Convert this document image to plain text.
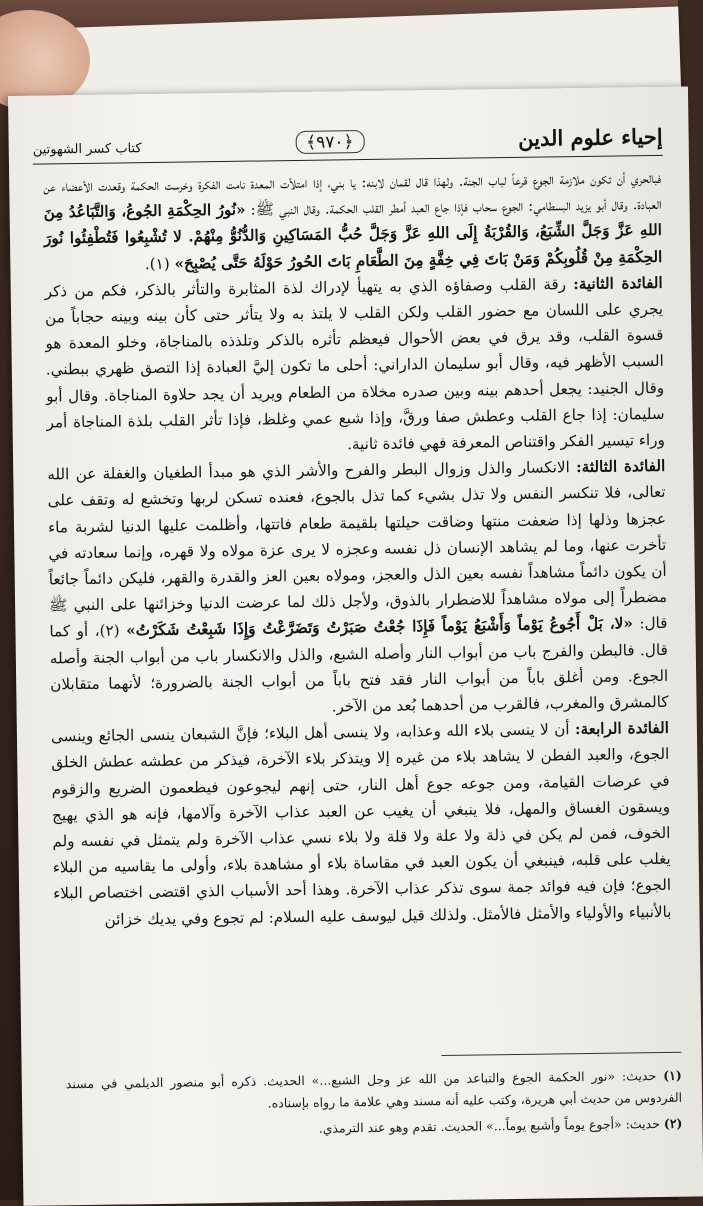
إحياء علوم الدين
﴿٩٧٠﴾
كتاب كسر الشهوتين

فبالحري أن تكون ملازمة الجوع قرعاً لباب الجنة. ولهذا قال لقمان لابنه: يا بني، إذا امتلأت المعدة نامت الفكرة وخرست الحكمة وقعدت الأعضاء عن العبادة. وقال أبو يزيد البسطامي: الجوع سحاب فإذا جاع العبد أمطر القلب الحكمة. وقال النبي ﷺ: «نُورُ الحِكْمَةِ الجُوعُ، وَالتَّبَاعُدُ مِنَ اللهِ عَزَّ وَجَلَّ الشِّبَعُ، وَالقُرْبَةُ إِلَى اللهِ عَزَّ وَجَلَّ حُبُّ المَسَاكِينِ وَالدُّنُوُّ مِنْهُمْ. لا تُشْبِعُوا فَتُطْفِئُوا نُورَ الحِكْمَةِ مِنْ قُلُوبِكُمْ وَمَنْ بَاتَ فِي خِفَّةٍ مِنَ الطَّعَامِ بَاتَ الحُورُ حَوْلَهُ حَتَّى يُصْبِحَ» (١).

الفائدة الثانية: رقة القلب وصفاؤه الذي به يتهيأ لإدراك لذة المثابرة والتأثر بالذكر، فكم من ذكر يجري على اللسان مع حضور القلب ولكن القلب لا يلتذ به ولا يتأثر حتى كأن بينه وبينه حجاباً من قسوة القلب، وقد يرق في بعض الأحوال فيعظم تأثره بالذكر وتلذذه بالمناجاة، وخلو المعدة هو السبب الأظهر فيه، وقال أبو سليمان الداراني: أحلى ما تكون إليَّ العبادة إذا التصق ظهري ببطني. وقال الجنيد: يجعل أحدهم بينه وبين صدره مخلاة من الطعام ويريد أن يجد حلاوة المناجاة. وقال أبو سليمان: إذا جاع القلب وعطش صفا ورقَّ، وإذا شبع عمي وغلظ، فإذا تأثر القلب بلذة المناجاة أمر وراء تيسير الفكر واقتناص المعرفة فهي فائدة ثانية.

الفائدة الثالثة: الانكسار والذل وزوال البطر والفرح والأشر الذي هو مبدأ الطغيان والغفلة عن الله تعالى، فلا تنكسر النفس ولا تذل بشيء كما تذل بالجوع، فعنده تسكن لربها وتخشع له وتقف على عجزها وذلها إذا ضعفت منتها وضاقت حيلتها بلقيمة طعام فاتتها، وأظلمت عليها الدنيا لشربة ماء تأخرت عنها، وما لم يشاهد الإنسان ذل نفسه وعجزه لا يرى عزة مولاه ولا قهره، وإنما سعادته في أن يكون دائماً مشاهداً نفسه بعين الذل والعجز، ومولاه بعين العز والقدرة والقهر، فليكن دائماً جائعاً مضطراً إلى مولاه مشاهداً للاضطرار بالذوق، ولأجل ذلك لما عرضت الدنيا وخزائنها على النبي ﷺ قال: «لا، بَلْ أَجُوعُ يَوْماً وَأَشْبَعُ يَوْماً فَإِذَا جُعْتُ صَبَرْتُ وَتَضَرَّعْتُ وَإِذَا شَبِعْتُ شَكَرْتُ» (٢)، أو كما قال. فالبطن والفرج باب من أبواب النار وأصله الشبع، والذل والانكسار باب من أبواب الجنة وأصله الجوع. ومن أغلق باباً من أبواب النار فقد فتح باباً من أبواب الجنة بالضرورة؛ لأنهما متقابلان كالمشرق والمغرب، فالقرب من أحدهما بُعد من الآخر.

الفائدة الرابعة: أن لا ينسى بلاء الله وعذابه، ولا ينسى أهل البلاء؛ فإنَّ الشبعان ينسى الجائع وينسى الجوع، والعبد الفطن لا يشاهد بلاء من غيره إلا ويتذكر بلاء الآخرة، فيذكر من عطشه عطش الخلق في عرصات القيامة، ومن جوعه جوع أهل النار، حتى إنهم ليجوعون فيطعمون الضريع والزقوم ويسقون الغساق والمهل، فلا ينبغي أن يغيب عن العبد عذاب الآخرة وآلامها، فإنه هو الذي يهيج الخوف، فمن لم يكن في ذلة ولا علة ولا قلة ولا بلاء نسي عذاب الآخرة ولم يتمثل في نفسه ولم يغلب على قلبه، فينبغي أن يكون العبد في مقاساة بلاء أو مشاهدة بلاء، وأولى ما يقاسيه من البلاء الجوع؛ فإن فيه فوائد جمة سوى تذكر عذاب الآخرة. وهذا أحد الأسباب الذي اقتضى اختصاص البلاء بالأنبياء والأولياء والأمثل فالأمثل. ولذلك قيل ليوسف عليه السلام: لم تجوع وفي يديك خزائن

(١) حديث: «نور الحكمة الجوع والتباعد من الله عز وجل الشبع...» الحديث. ذكره أبو منصور الديلمي في مسند الفردوس من حديث أبي هريرة، وكتب عليه أنه مسند وهي علامة ما رواه بإسناده.

(٢) حديث: «أجوع يوماً وأشبع يوماً...» الحديث. تقدم وهو عند الترمذي.
